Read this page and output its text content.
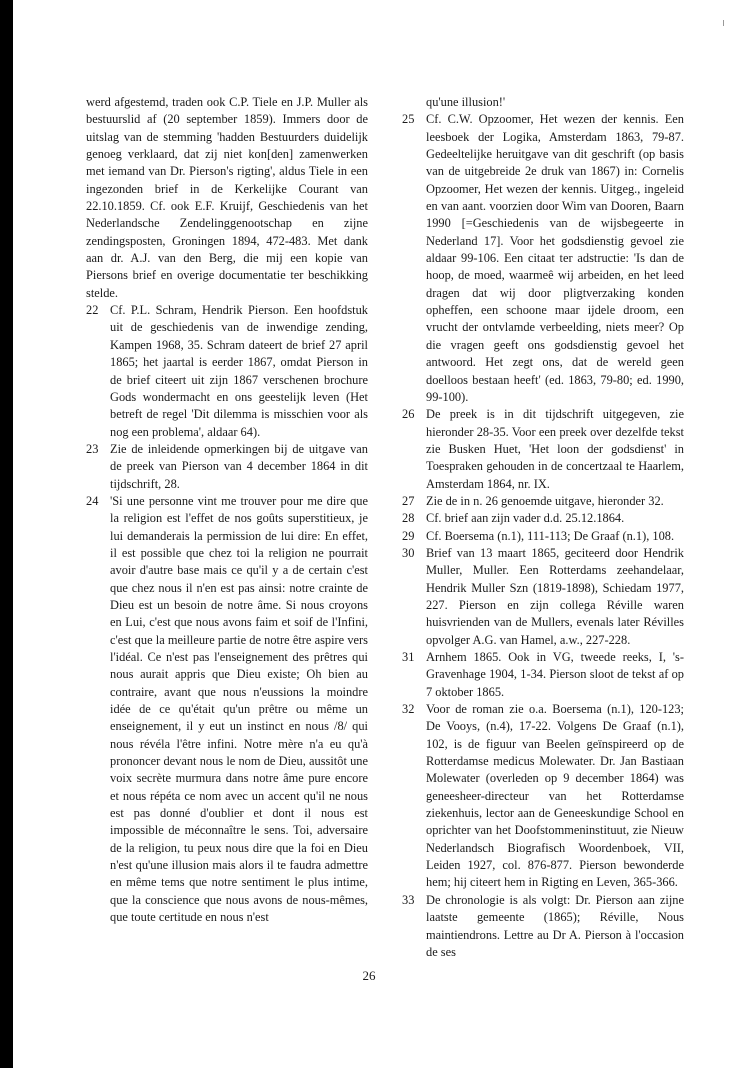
werd afgestemd, traden ook C.P. Tiele en J.P. Muller als bestuurslid af (20 september 1859). Immers door de uitslag van de stemming 'hadden Bestuurders duidelijk genoeg verklaard, dat zij niet kon[den] zamenwerken met iemand van Dr. Pierson's rigting', aldus Tiele in een ingezonden brief in de Kerkelijke Courant van 22.10.1859. Cf. ook E.F. Kruijf, Geschiedenis van het Nederlandsche Zendelinggenootschap en zijne zendingsposten, Groningen 1894, 472-483. Met dank aan dr. A.J. van den Berg, die mij een kopie van Piersons brief en overige documentatie ter beschikking stelde.

22 Cf. P.L. Schram, Hendrik Pierson. Een hoofdstuk uit de geschiedenis van de inwendige zending, Kampen 1968, 35. Schram dateert de brief 27 april 1865; het jaartal is eerder 1867, omdat Pierson in de brief citeert uit zijn 1867 verschenen brochure Gods wondermacht en ons geestelijk leven (Het betreft de regel 'Dit dilemma is misschien voor als nog een problema', aldaar 64).
23 Zie de inleidende opmerkingen bij de uitgave van de preek van Pierson van 4 december 1864 in dit tijdschrift, 28.
24 'Si une personne vint me trouver pour me dire que la religion est l'effet de nos goûts superstitieux, je lui demanderais la permission de lui dire: En effet, il est possible que chez toi la religion ne pourrait avoir d'autre base mais ce qu'il y a de certain c'est que chez nous il n'en est pas ainsi: notre crainte de Dieu est un besoin de notre âme. Si nous croyons en Lui, c'est que nous avons faim et soif de l'Infini, c'est que la meilleure partie de notre être aspire vers l'idéal. Ce n'est pas l'enseignement des prêtres qui nous aurait appris que Dieu existe; Oh bien au contraire, avant que nous n'eussions la moindre idée de ce qu'était qu'un prêtre ou même un enseignement, il y eut un instinct en nous /8/ qui nous révéla l'être infini. Notre mère n'a eu qu'à prononcer devant nous le nom de Dieu, aussitôt une voix secrète murmura dans notre âme pure encore et nous répéta ce nom avec un accent qu'il ne nous est pas donné d'oublier et dont il nous est impossible de méconnaître le sens. Toi, adversaire de la religion, tu peux nous dire que la foi en Dieu n'est qu'une illusion mais alors il te faudra admettre en même tems que notre sentiment le plus intime, que la conscience que nous avons de nous-mêmes, que toute certitude en nous n'est

qu'une illusion!'

25 Cf. C.W. Opzoomer, Het wezen der kennis. Een leesboek der Logika, Amsterdam 1863, 79-87. Gedeeltelijke heruitgave van dit geschrift (op basis van de uitgebreide 2e druk van 1867) in: Cornelis Opzoomer, Het wezen der kennis. Uitgeg., ingeleid en van aant. voorzien door Wim van Dooren, Baarn 1990 [=Geschiedenis van de wijsbegeerte in Nederland 17]. Voor het godsdienstig gevoel zie aldaar 99-106. Een citaat ter adstructie: 'Is dan de hoop, de moed, waarmeê wij arbeiden, en het leed dragen dat wij door pligtverzaking konden opheffen, een schoone maar ijdele droom, een vrucht der ontvlamde verbeelding, niets meer? Op die vragen geeft ons godsdienstig gevoel het antwoord. Het zegt ons, dat de wereld geen doelloos bestaan heeft' (ed. 1863, 79-80; ed. 1990, 99-100).
26 De preek is in dit tijdschrift uitgegeven, zie hieronder 28-35. Voor een preek over dezelfde tekst zie Busken Huet, 'Het loon der godsdienst' in Toespraken gehouden in de concertzaal te Haarlem, Amsterdam 1864, nr. IX.
27 Zie de in n. 26 genoemde uitgave, hieronder 32.
28 Cf. brief aan zijn vader d.d. 25.12.1864.
29 Cf. Boersema (n.1), 111-113; De Graaf (n.1), 108.
30 Brief van 13 maart 1865, geciteerd door Hendrik Muller, Muller. Een Rotterdams zeehandelaar, Hendrik Muller Szn (1819-1898), Schiedam 1977, 227. Pierson en zijn collega Réville waren huisvrienden van de Mullers, evenals later Révilles opvolger A.G. van Hamel, a.w., 227-228.
31 Arnhem 1865. Ook in VG, tweede reeks, I, 's-Gravenhage 1904, 1-34. Pierson sloot de tekst af op 7 oktober 1865.
32 Voor de roman zie o.a. Boersema (n.1), 120-123; De Vooys, (n.4), 17-22. Volgens De Graaf (n.1), 102, is de figuur van Beelen geïnspireerd op de Rotterdamse medicus Molewater. Dr. Jan Bastiaan Molewater (overleden op 9 december 1864) was geneesheer-directeur van het Rotterdamse ziekenhuis, lector aan de Geneeskundige School en oprichter van het Doofstommeninstituut, zie Nieuw Nederlandsch Biografisch Woordenboek, VII, Leiden 1927, col. 876-877. Pierson bewonderde hem; hij citeert hem in Rigting en Leven, 365-366.
33 De chronologie is als volgt: Dr. Pierson aan zijne laatste gemeente (1865); Réville, Nous maintiendrons. Lettre au Dr A. Pierson à l'occasion de ses
26
